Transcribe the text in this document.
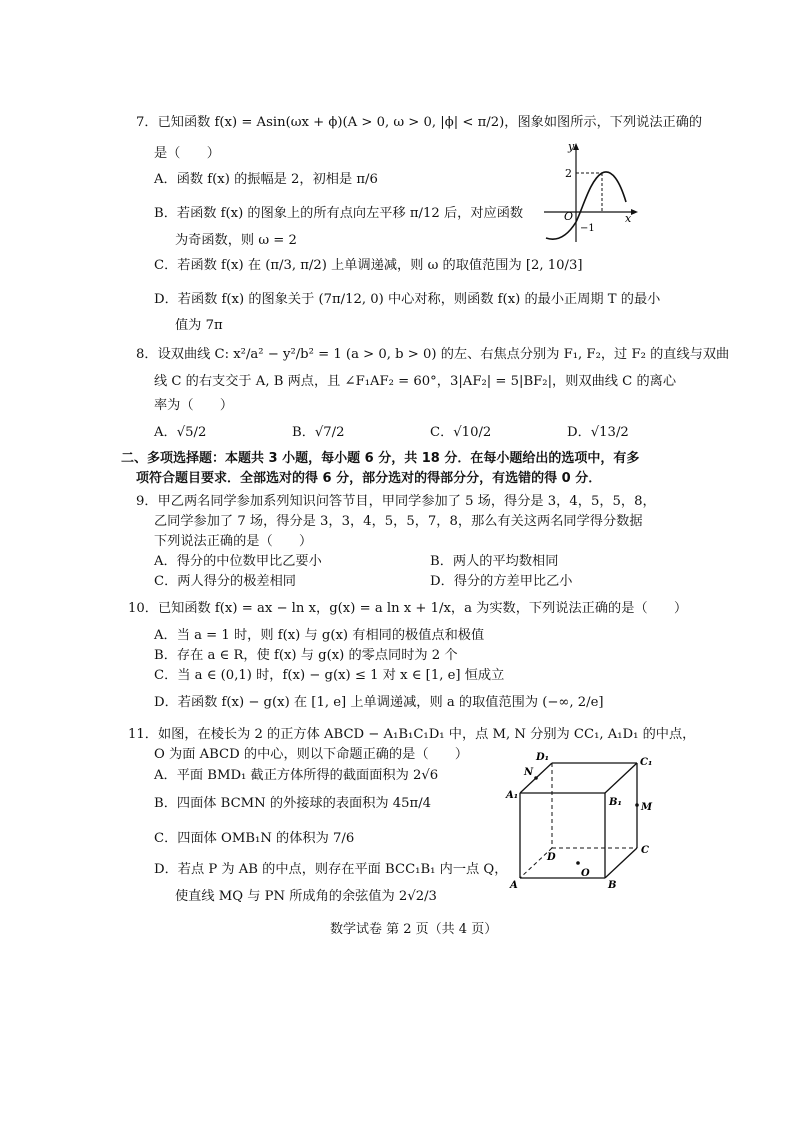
7．已知函数 f(x) = Asin(ωx + ϕ)(A > 0, ω > 0, |ϕ| < π/2)，图象如图所示，下列说法正确的
是（　　）
A．函数 f(x) 的振幅是 2，初相是 π/6
B．若函数 f(x) 的图象上的所有点向左平移 π/12 后，对应函数
为奇函数，则 ω = 2
C．若函数 f(x) 在 (π/3, π/2) 上单调递减，则 ω 的取值范围为 [2, 10/3]
D．若函数 f(x) 的图象关于 (7π/12, 0) 中心对称，则函数 f(x) 的最小正周期 T 的最小
值为 7π
y
x
O
2
−1
8．设双曲线 C: x²/a² − y²/b² = 1 (a > 0, b > 0) 的左、右焦点分别为 F₁, F₂，过 F₂ 的直线与双曲
线 C 的右支交于 A, B 两点，且 ∠F₁AF₂ = 60°，3|AF₂| = 5|BF₂|，则双曲线 C 的离心
率为（　　）
A．√5/2	B．√7/2	C．√10/2	D．√13/2
二、多项选择题：本题共 3 小题，每小题 6 分，共 18 分．在每小题给出的选项中，有多
项符合题目要求．全部选对的得 6 分，部分选对的得部分分，有选错的得 0 分．
9．甲乙两名同学参加系列知识问答节目，甲同学参加了 5 场，得分是 3，4，5，5，8，
乙同学参加了 7 场，得分是 3，3，4，5，5，7，8，那么有关这两名同学得分数据
下列说法正确的是（　　）
A．得分的中位数甲比乙要小	B．两人的平均数相同
C．两人得分的极差相同	D．得分的方差甲比乙小
10．已知函数 f(x) = ax − ln x，g(x) = a ln x + 1/x，a 为实数，下列说法正确的是（　　）
A．当 a = 1 时，则 f(x) 与 g(x) 有相同的极值点和极值
B．存在 a ∈ R，使 f(x) 与 g(x) 的零点同时为 2 个
C．当 a ∈ (0,1) 时，f(x) − g(x) ≤ 1 对 x ∈ [1, e] 恒成立
D．若函数 f(x) − g(x) 在 [1, e] 上单调递减，则 a 的取值范围为 (−∞, 2/e]
11．如图，在棱长为 2 的正方体 ABCD − A₁B₁C₁D₁ 中，点 M, N 分别为 CC₁, A₁D₁ 的中点，
O 为面 ABCD 的中心，则以下命题正确的是（　　）
A．平面 BMD₁ 截正方体所得的截面面积为 2√6
B．四面体 BCMN 的外接球的表面积为 45π/4
C．四面体 OMB₁N 的体积为 7/6
D．若点 P 为 AB 的中点，则存在平面 BCC₁B₁ 内一点 Q，
使直线 MQ 与 PN 所成角的余弦值为 2√2/3
A	B
C
D
A₁
B₁
C₁
D₁
M
N
O
数学试卷 第 2 页（共 4 页）
